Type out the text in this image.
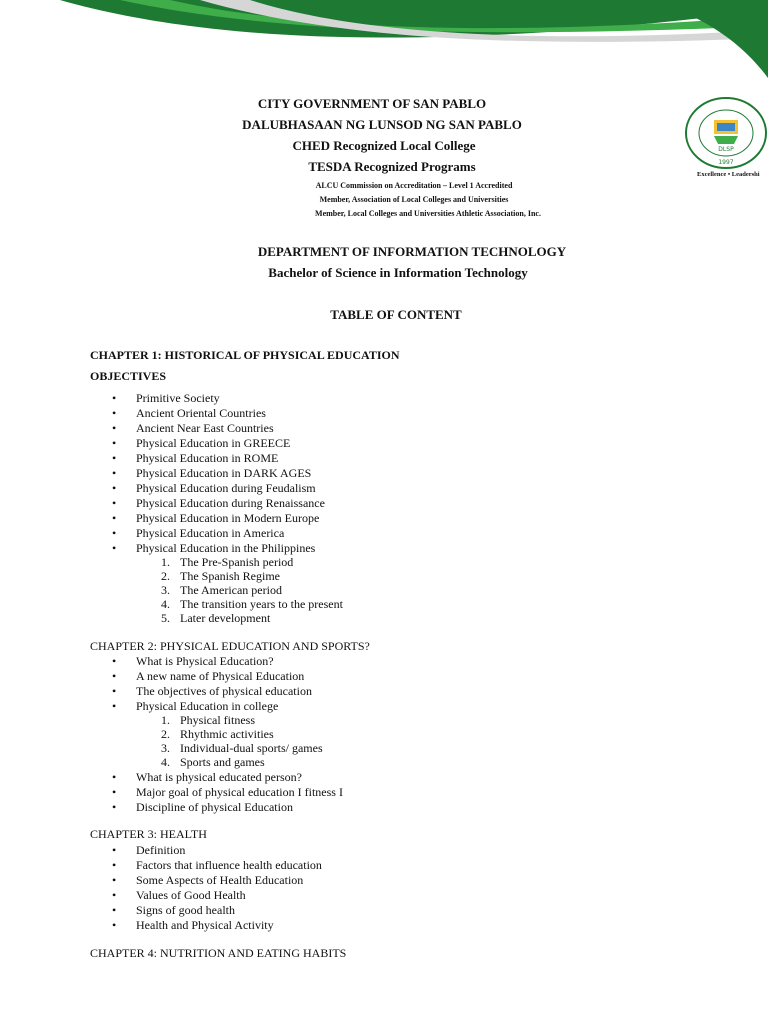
DLSP
1997
Excellence • Leadershi
CITY GOVERNMENT OF SAN PABLO
DALUBHASAAN NG LUNSOD NG SAN PABLO
CHED Recognized Local College
TESDA Recognized Programs
ALCU Commission on Accreditation – Level 1 Accredited
Member, Association of Local Colleges and Universities
Member, Local Colleges and Universities Athletic Association, Inc.
DEPARTMENT OF INFORMATION TECHNOLOGY
Bachelor of Science in Information Technology
TABLE OF CONTENT
CHAPTER 1: HISTORICAL OF PHYSICAL EDUCATION
OBJECTIVES
Primitive Society
Ancient Oriental Countries
Ancient Near East Countries
Physical Education in GREECE
Physical Education in ROME
Physical Education in DARK AGES
Physical Education during Feudalism
Physical Education during Renaissance
Physical Education in Modern Europe
Physical Education in America
Physical Education in the Philippines
1. The Pre-Spanish period
2. The Spanish Regime
3. The American period
4. The transition years to the present
5. Later development
CHAPTER 2: PHYSICAL EDUCATION AND SPORTS?
What is Physical Education?
A new name of Physical Education
The objectives of physical education
Physical Education in college
1. Physical fitness
2. Rhythmic activities
3. Individual-dual sports/ games
4. Sports and games
What is physical educated person?
Major goal of physical education I fitness I
Discipline of physical Education
CHAPTER 3: HEALTH
Definition
Factors that influence health education
Some Aspects of Health Education
Values of Good Health
Signs of good health
Health and Physical Activity
CHAPTER 4: NUTRITION AND EATING HABITS
